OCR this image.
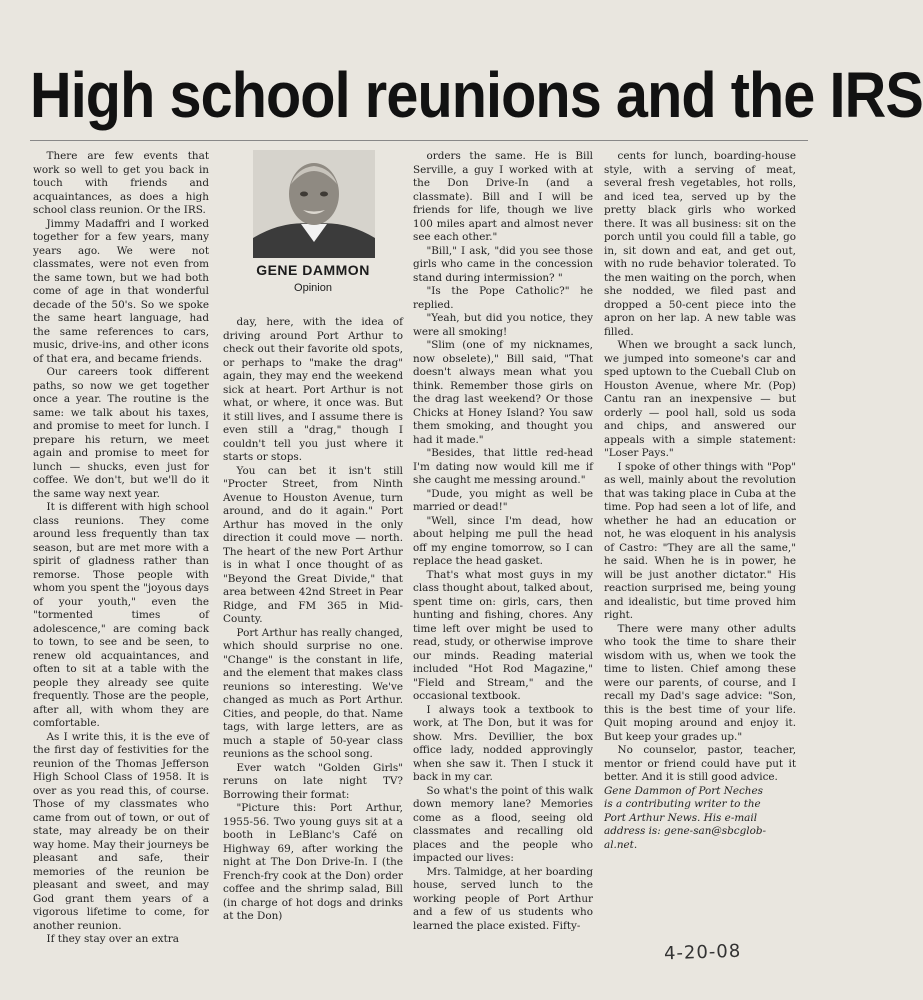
High school reunions and the IRS

There are few events that work so well to get you back in touch with friends and acquaintances, as does a high school class reunion. Or the IRS.

Jimmy Madaffri and I worked together for a few years, many years ago. We were not classmates, were not even from the same town, but we had both come of age in that wonderful decade of the 50's. So we spoke the same heart language, had the same references to cars, music, drive-ins, and other icons of that era, and became friends.

Our careers took different paths, so now we get together once a year. The routine is the same: we talk about his taxes, and promise to meet for lunch. I prepare his return, we meet again and promise to meet for lunch — shucks, even just for coffee. We don't, but we'll do it the same way next year.

It is different with high school class reunions. They come around less frequently than tax season, but are met more with a spirit of gladness rather than remorse. Those people with whom you spent the "joyous days of your youth," even the "tormented times of adolescence," are coming back to town, to see and be seen, to renew old acquaintances, and often to sit at a table with the people they already see quite frequently. Those are the people, after all, with whom they are comfortable.

As I write this, it is the eve of the first day of festivities for the reunion of the Thomas Jefferson High School Class of 1958. It is over as you read this, of course. Those of my classmates who came from out of town, or out of state, may already be on their way home. May their journeys be pleasant and safe, their memories of the reunion be pleasant and sweet, and may God grant them years of a vigorous lifetime to come, for another reunion.

If they stay over an extra

GENE DAMMON
Opinion

day, here, with the idea of driving around Port Arthur to check out their favorite old spots, or perhaps to "make the drag" again, they may end the weekend sick at heart. Port Arthur is not what, or where, it once was. But it still lives, and I assume there is even still a "drag," though I couldn't tell you just where it starts or stops.

You can bet it isn't still "Procter Street, from Ninth Avenue to Houston Avenue, turn around, and do it again." Port Arthur has moved in the only direction it could move — north. The heart of the new Port Arthur is in what I once thought of as "Beyond the Great Divide," that area between 42nd Street in Pear Ridge, and FM 365 in Mid-County.

Port Arthur has really changed, which should surprise no one. "Change" is the constant in life, and the element that makes class reunions so interesting. We've changed as much as Port Arthur. Cities, and people, do that. Name tags, with large letters, are as much a staple of 50-year class reunions as the school song.

Ever watch "Golden Girls" reruns on late night TV? Borrowing their format:

"Picture this: Port Arthur, 1955-56. Two young guys sit at a booth in LeBlanc's Café on Highway 69, after working the night at The Don Drive-In. I (the French-fry cook at the Don) order coffee and the shrimp salad, Bill (in charge of hot dogs and drinks at the Don)

orders the same. He is Bill Serville, a guy I worked with at the Don Drive-In (and a classmate). Bill and I will be friends for life, though we live 100 miles apart and almost never see each other."

"Bill," I ask, "did you see those girls who came in the concession stand during intermission? "

"Is the Pope Catholic?" he replied.

"Yeah, but did you notice, they were all smoking!

"Slim (one of my nicknames, now obselete)," Bill said, "That doesn't always mean what you think. Remember those girls on the drag last weekend? Or those Chicks at Honey Island? You saw them smoking, and thought you had it made."

"Besides, that little red-head I'm dating now would kill me if she caught me messing around."

"Dude, you might as well be married or dead!"

"Well, since I'm dead, how about helping me pull the head off my engine tomorrow, so I can replace the head gasket.

That's what most guys in my class thought about, talked about, spent time on: girls, cars, then hunting and fishing, chores. Any time left over might be used to read, study, or otherwise improve our minds. Reading material included "Hot Rod Magazine," "Field and Stream," and the occasional textbook.

I always took a textbook to work, at The Don, but it was for show. Mrs. Devillier, the box office lady, nodded approvingly when she saw it. Then I stuck it back in my car.

So what's the point of this walk down memory lane? Memories come as a flood, seeing old classmates and recalling old places and the people who impacted our lives:

Mrs. Talmidge, at her boarding house, served lunch to the working people of Port Arthur and a few of us students who learned the place existed. Fifty-

cents for lunch, boarding-house style, with a serving of meat, several fresh vegetables, hot rolls, and iced tea, served up by the pretty black girls who worked there. It was all business: sit on the porch until you could fill a table, go in, sit down and eat, and get out, with no rude behavior tolerated. To the men waiting on the porch, when she nodded, we filed past and dropped a 50-cent piece into the apron on her lap. A new table was filled.

When we brought a sack lunch, we jumped into someone's car and sped uptown to the Cueball Club on Houston Avenue, where Mr. (Pop) Cantu ran an inexpensive — but orderly — pool hall, sold us soda and chips, and answered our appeals with a simple statement: "Loser Pays."

I spoke of other things with "Pop" as well, mainly about the revolution that was taking place in Cuba at the time. Pop had seen a lot of life, and whether he had an education or not, he was eloquent in his analysis of Castro: "They are all the same," he said. When he is in power, he will be just another dictator." His reaction surprised me, being young and idealistic, but time proved him right.

There were many other adults who took the time to share their wisdom with us, when we took the time to listen. Chief among these were our parents, of course, and I recall my Dad's sage advice: "Son, this is the best time of your life. Quit moping around and enjoy it. But keep your grades up."

No counselor, pastor, teacher, mentor or friend could have put it better. And it is still good advice.

Gene Dammon of Port Neches
is a contributing writer to the
Port Arthur News. His e-mail
address is: gene-san@sbcglob-
al.net.
4-20-08
